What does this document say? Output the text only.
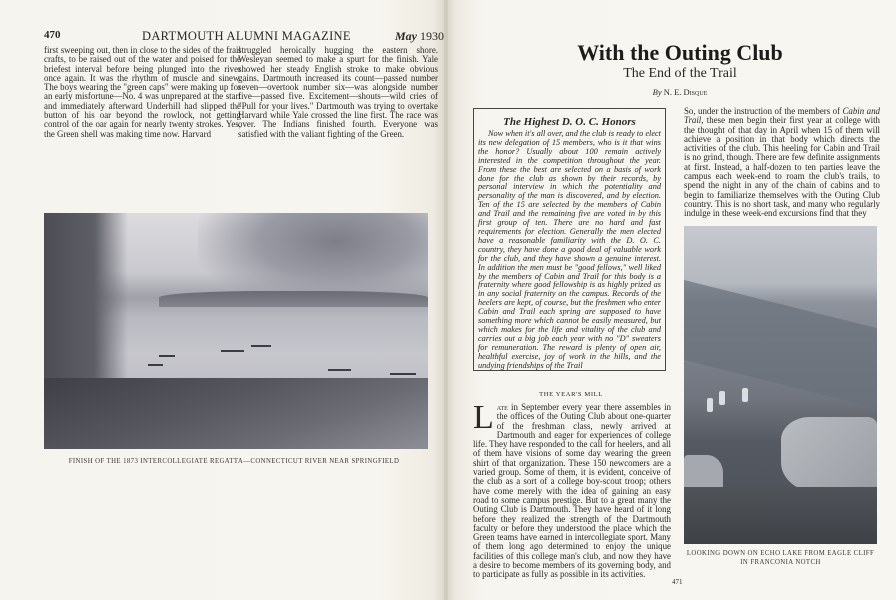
470	DARTMOUTH ALUMNI MAGAZINE	May 1930
first sweeping out, then in close to the sides of the frail crafts, to be raised out of the water and poised for the briefest interval before being plunged into the river once again. It was the rhythm of muscle and sinew. The boys wearing the "green caps" were making up for an early misfortune—No. 4 was unprepared at the start and immediately afterward Underhill had slipped the button of his oar beyond the rowlock, not getting control of the oar again for nearly twenty strokes. Yes, the Green shell was making time now. Harvard
struggled heroically hugging the eastern shore. Wesleyan seemed to make a spurt for the finish. Yale showed her steady English stroke to make obvious gains. Dartmouth increased its count—passed number seven—overtook number six—was alongside number five—passed five. Excitement—shouts—wild cries of "Pull for your lives." Dartmouth was trying to overtake Harvard while Yale crossed the line first. The race was over. The Indians finished fourth. Everyone was satisfied with the valiant fighting of the Green.
FINISH OF THE 1873 INTERCOLLEGIATE REGATTA—CONNECTICUT RIVER NEAR SPRINGFIELD
With the Outing Club
The End of the Trail
By N. E. Disque
The Highest D. O. C. Honors
Now when it's all over, and the club is ready to elect its new delegation of 15 members, who is it that wins the honor? Usually about 100 remain actively interested in the competition throughout the year. From these the best are selected on a basis of work done for the club as shown by their records, by personal interview in which the potentiality and personality of the man is discovered, and by election. Ten of the 15 are selected by the members of Cabin and Trail and the remaining five are voted in by this first group of ten. There are no hard and fast requirements for election. Generally the men elected have a reasonable familiarity with the D. O. C. country, they have done a good deal of valuable work for the club, and they have shown a genuine interest. In addition the men must be "good fellows," well liked by the members of Cabin and Trail for this body is a fraternity where good fellowship is as highly prized as in any social fraternity on the campus. Records of the heelers are kept, of course, but the freshmen who enter Cabin and Trail each spring are supposed to have something more which cannot be easily measured, but which makes for the life and vitality of the club and carries out a big job each year with no "D" sweaters for remuneration. The reward is plenty of open air, healthful exercise, joy of work in the hills, and the undying friendships of the Trail
THE YEAR'S MILL
Late in September every year there assembles in the offices of the Outing Club about one-quarter of the freshman class, newly arrived at Dartmouth and eager for experiences of college life. They have responded to the call for heelers, and all of them have visions of some day wearing the green shirt of that organization. These 150 newcomers are a varied group. Some of them, it is evident, conceive of the club as a sort of a college boy-scout troop; others have come merely with the idea of gaining an easy road to some campus prestige. But to a great many the Outing Club is Dartmouth. They have heard of it long before they realized the strength of the Dartmouth faculty or before they understood the place which the Green teams have earned in intercollegiate sport. Many of them long ago determined to enjoy the unique facilities of this college man's club, and now they have a desire to become members of its governing body, and to participate as fully as possible in its activities.
So, under the instruction of the members of Cabin and Trail, these men begin their first year at college with the thought of that day in April when 15 of them will achieve a position in that body which directs the activities of the club. This heeling for Cabin and Trail is no grind, though. There are few definite assignments at first. Instead, a half-dozen to ten parties leave the campus each week-end to roam the club's trails, to spend the night in any of the chain of cabins and to begin to familiarize themselves with the Outing Club country. This is no short task, and many who regularly indulge in these week-end excursions find that they
LOOKING DOWN ON ECHO LAKE FROM EAGLE CLIFF
IN FRANCONIA NOTCH
471
